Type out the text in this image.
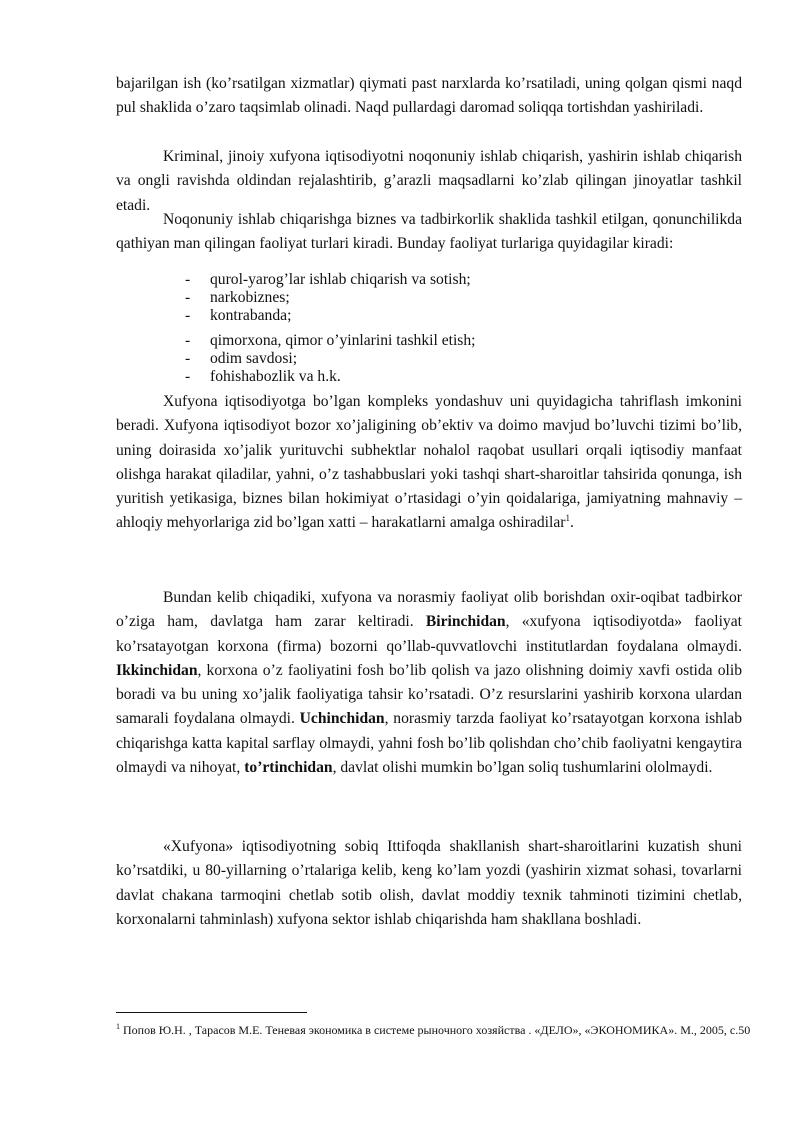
bajarilgan ish (ko’rsatilgan xizmatlar) qiymati past narxlarda ko’rsatiladi, uning qolgan qismi naqd pul shaklida o’zaro taqsimlab olinadi. Naqd pullardagi daromad soliqqa tortishdan yashiriladi.

Kriminal, jinoiy xufyona iqtisodiyotni noqonuniy ishlab chiqarish, yashirin ishlab chiqarish va ongli ravishda oldindan rejalashtirib, g’arazli maqsadlarni ko’zlab qilingan jinoyatlar tashkil etadi.

Noqonuniy ishlab chiqarishga biznes va tadbirkorlik shaklida tashkil etilgan, qonunchilikda qathiyan man qilingan faoliyat turlari kiradi. Bunday faoliyat turlariga quyidagilar kiradi:

- qurol-yarog’lar ishlab chiqarish va sotish;
- narkobiznes;
- kontrabanda;
- qimorxona, qimor o’yinlarini tashkil etish;
- odim savdosi;
- fohishabozlik va h.k.

Xufyona iqtisodiyotga bo’lgan kompleks yondashuv uni quyidagicha tahriflash imkonini beradi. Xufyona iqtisodiyot bozor xo’jaligining ob’ektiv va doimo mavjud bo’luvchi tizimi bo’lib, uning doirasida xo’jalik yurituvchi subhektlar nohalol raqobat usullari orqali iqtisodiy manfaat olishga harakat qiladilar, yahni, o’z tashabbuslari yoki tashqi shart-sharoitlar tahsirida qonunga, ish yuritish yetikasiga, biznes bilan hokimiyat o’rtasidagi o’yin qoidalariga, jamiyatning mahnaviy – ahloqiy mehyorlariga zid bo’lgan xatti – harakatlarni amalga oshiradilar$^1$.

Bundan kelib chiqadiki, xufyona va norasmiy faoliyat olib borishdan oxir-oqibat tadbirkor o’ziga ham, davlatga ham zarar keltiradi. Birinchidan, «xufyona iqtisodiyotda» faoliyat ko’rsatayotgan korxona (firma) bozorni qo’llab-quvvatlovchi institutlardan foydalana olmaydi. Ikkinchidan, korxona o’z faoliyatini fosh bo’lib qolish va jazo olishning doimiy xavfi ostida olib boradi va bu uning xo’jalik faoliyatiga tahsir ko’rsatadi. O’z resurslarini yashirib korxona ulardan samarali foydalana olmaydi. Uchinchidan, norasmiy tarzda faoliyat ko’rsatayotgan korxona ishlab chiqarishga katta kapital sarflay olmaydi, yahni fosh bo’lib qolishdan cho’chib faoliyatni kengaytira olmaydi va nihoyat, to’rtinchidan, davlat olishi mumkin bo’lgan soliq tushumlarini ololmaydi.

«Xufyona» iqtisodiyotning sobiq Ittifoqda shakllanish shart-sharoitlarini kuzatish shuni ko’rsatdiki, u 80-yillarning o’rtalariga kelib, keng ko’lam yozdi (yashirin xizmat sohasi, tovarlarni davlat chakana tarmoqini chetlab sotib olish, davlat moddiy texnik tahminoti tizimini chetlab, korxonalarni tahminlash) xufyona sektor ishlab chiqarishda ham shakllana boshladi.

$^1$ Попов Ю.Н. , Тарасов М.Е. Теневая экономика в системе рыночного хозяйства . «ДЕЛО», «ЭКОНОМИКА». М., 2005, с.50
